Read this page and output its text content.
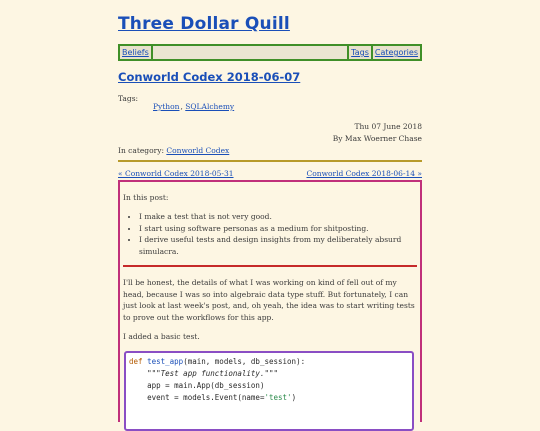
Three Dollar Quill
Beliefs	Tags Categories
Conworld Codex 2018-06-07
Tags:
Python, SQLAlchemy
Thu 07 June 2018
By Max Woerner Chase
In category: Conworld Codex
« Conworld Codex 2018-05-31	Conworld Codex 2018-06-14 »
In this post:
• I make a test that is not very good.
• I start using software personas as a medium for shitposting.
• I derive useful tests and design insights from my deliberately absurd simulacra.

I'll be honest, the details of what I was working on kind of fell out of my head, because I was so into algebraic data type stuff. But fortunately, I can just look at last week's post, and, oh yeah, the idea was to start writing tests to prove out the workflows for this app.

I added a basic test.

def test_app(main, models, db_session):
"""Test app functionality."""
app = main.App(db_session)
event = models.Event(name='test')
